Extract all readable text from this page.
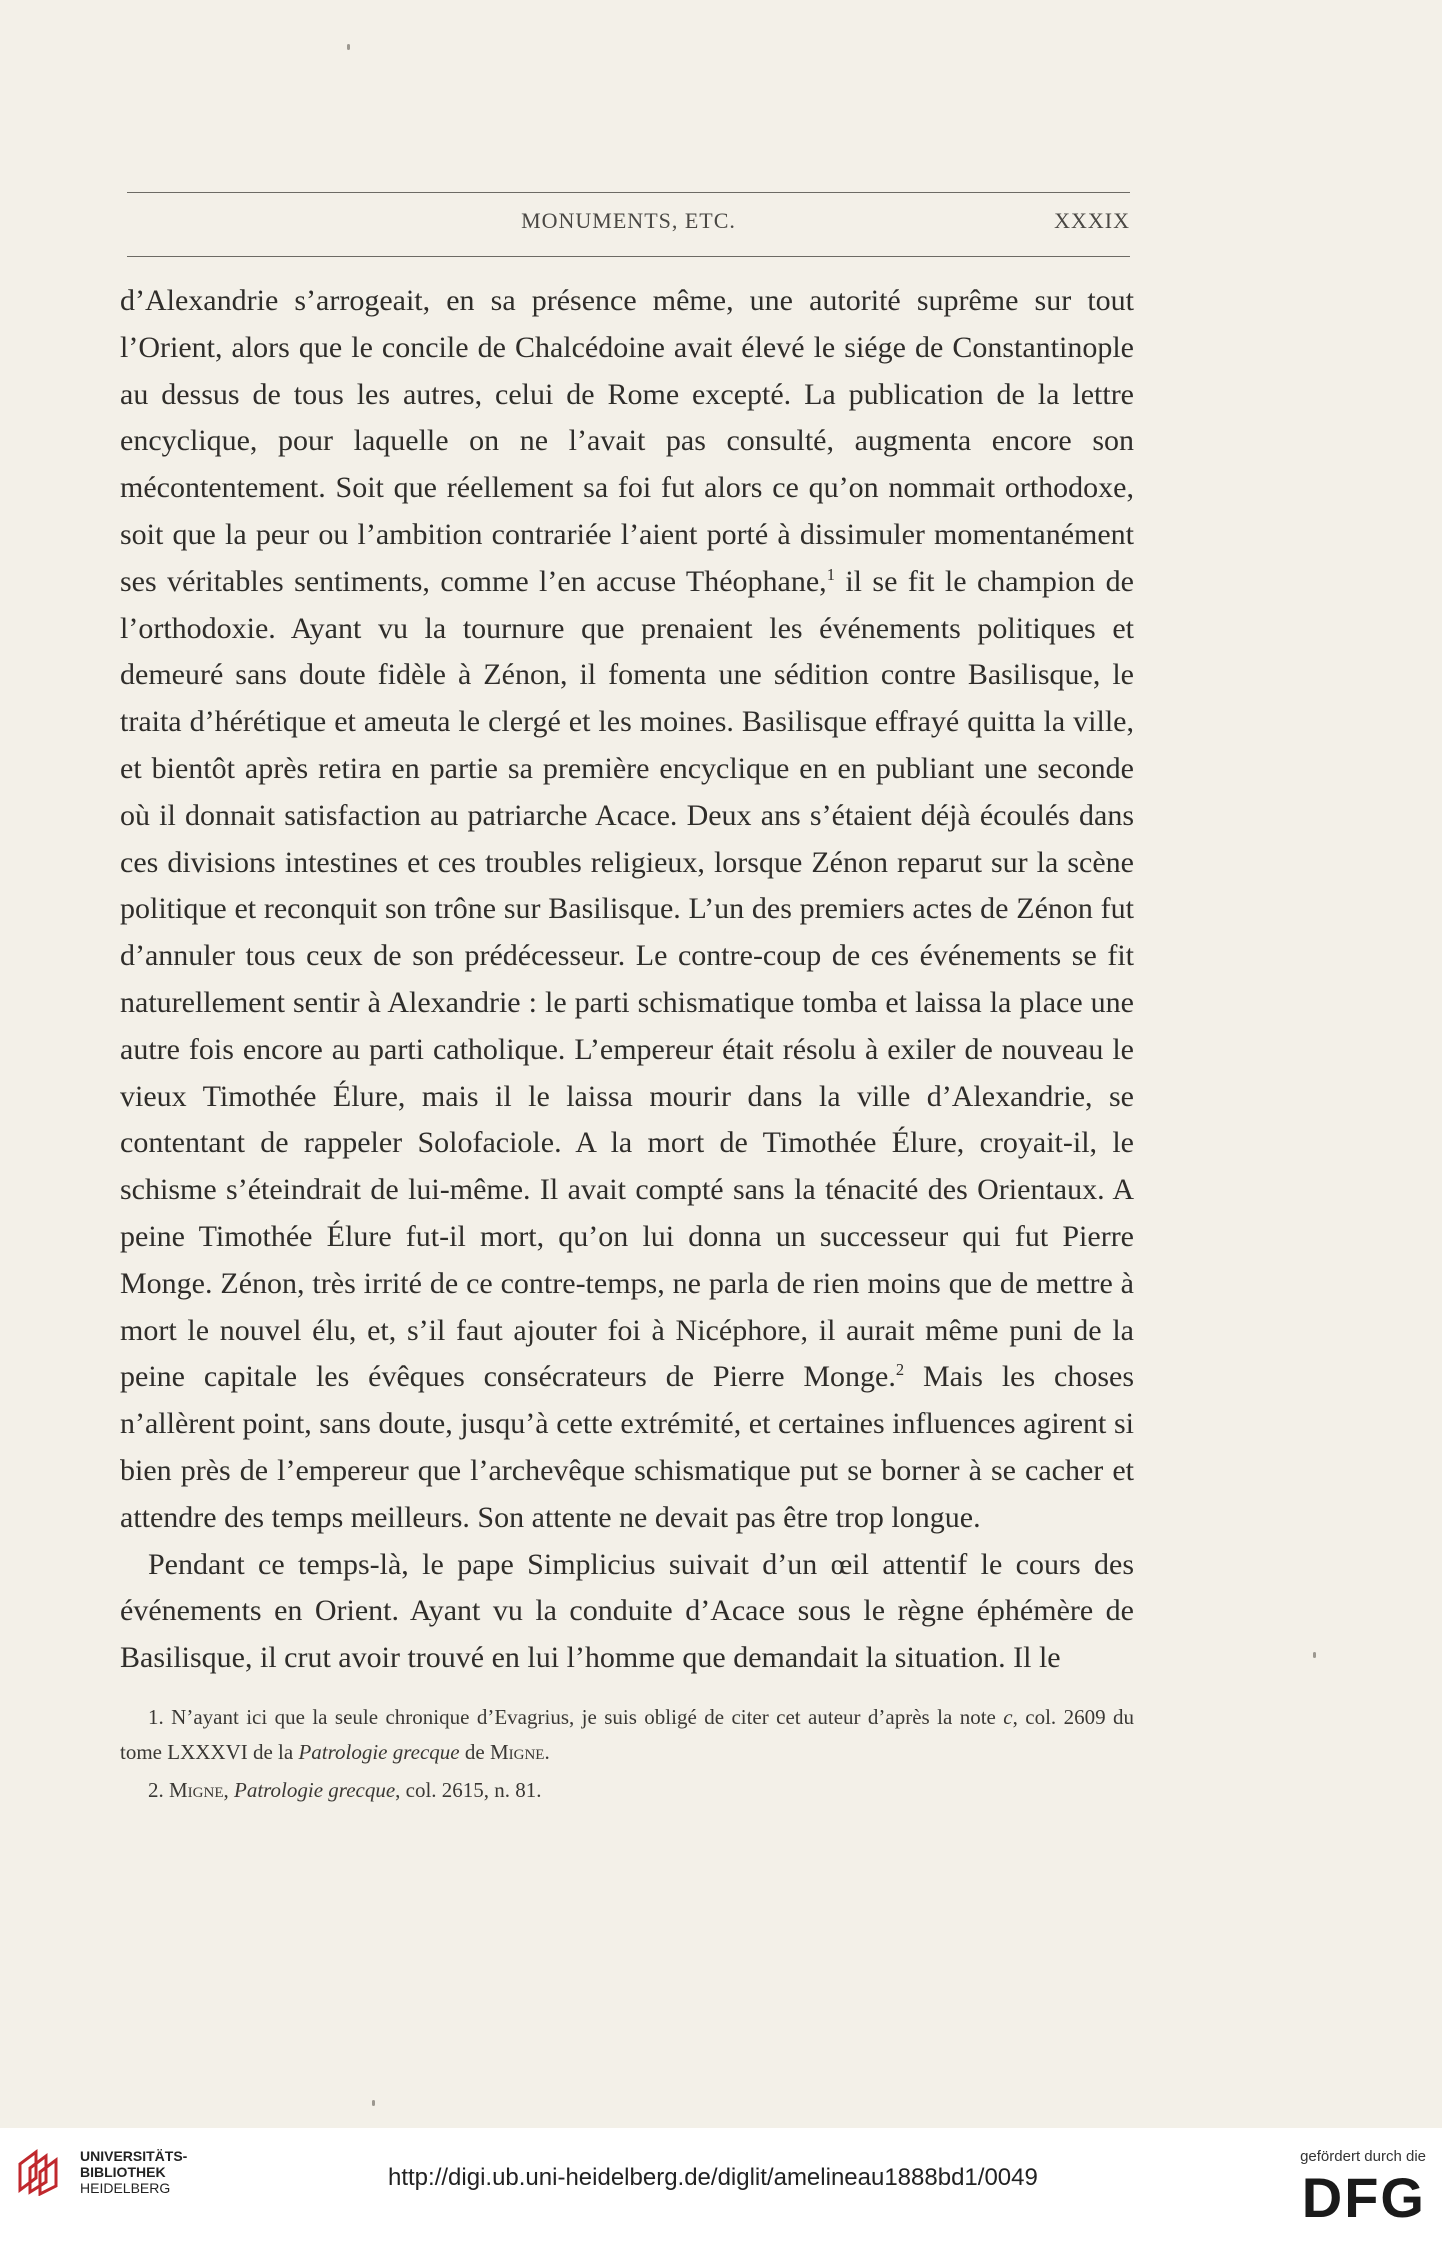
MONUMENTS, ETC.	XXXIX

d’Alexandrie s’arrogeait, en sa présence même, une autorité suprême sur tout l’Orient, alors que le concile de Chalcédoine avait élevé le siége de Constantinople au dessus de tous les autres, celui de Rome excepté. La publication de la lettre encyclique, pour laquelle on ne l’avait pas consulté, augmenta encore son mécontentement. Soit que réellement sa foi fut alors ce qu’on nommait orthodoxe, soit que la peur ou l’ambition contrariée l’aient porté à dissimuler momentanément ses véritables sentiments, comme l’en accuse Théophane,$^1$ il se fit le champion de l’orthodoxie. Ayant vu la tournure que prenaient les événements politiques et demeuré sans doute fidèle à Zénon, il fomenta une sédition contre Basilisque, le traita d’hérétique et ameuta le clergé et les moines. Basilisque effrayé quitta la ville, et bientôt après retira en partie sa première encyclique en en publiant une seconde où il donnait satisfaction au patriarche Acace. Deux ans s’étaient déjà écoulés dans ces divisions intestines et ces troubles religieux, lorsque Zénon reparut sur la scène politique et reconquit son trône sur Basilisque. L’un des premiers actes de Zénon fut d’annuler tous ceux de son prédécesseur. Le contre-coup de ces événements se fit naturellement sentir à Alexandrie : le parti schismatique tomba et laissa la place une autre fois encore au parti catholique. L’empereur était résolu à exiler de nouveau le vieux Timothée Élure, mais il le laissa mourir dans la ville d’Alexandrie, se contentant de rappeler Solofaciole. A la mort de Timothée Élure, croyait-il, le schisme s’éteindrait de lui-même. Il avait compté sans la ténacité des Orientaux. A peine Timothée Élure fut-il mort, qu’on lui donna un successeur qui fut Pierre Monge. Zénon, très irrité de ce contre-temps, ne parla de rien moins que de mettre à mort le nouvel élu, et, s’il faut ajouter foi à Nicéphore, il aurait même puni de la peine capitale les évêques consécrateurs de Pierre Monge.$^2$ Mais les choses n’allèrent point, sans doute, jusqu’à cette extrémité, et certaines influences agirent si bien près de l’empereur que l’archevêque schismatique put se borner à se cacher et attendre des temps meilleurs. Son attente ne devait pas être trop longue.

Pendant ce temps-là, le pape Simplicius suivait d’un œil attentif le cours des événements en Orient. Ayant vu la conduite d’Acace sous le règne éphémère de Basilisque, il crut avoir trouvé en lui l’homme que demandait la situation. Il le

1. N’ayant ici que la seule chronique d’Evagrius, je suis obligé de citer cet auteur d’après la note c, col. 2609 du tome LXXXVI de la Patrologie grecque de Migne.
2. Migne, Patrologie grecque, col. 2615, n. 81.
UNIVERSITÄTS-
BIBLIOTHEK
HEIDELBERG	http://digi.ub.uni-heidelberg.de/diglit/amelineau1888bd1/0049
gefördert durch die
DFG
